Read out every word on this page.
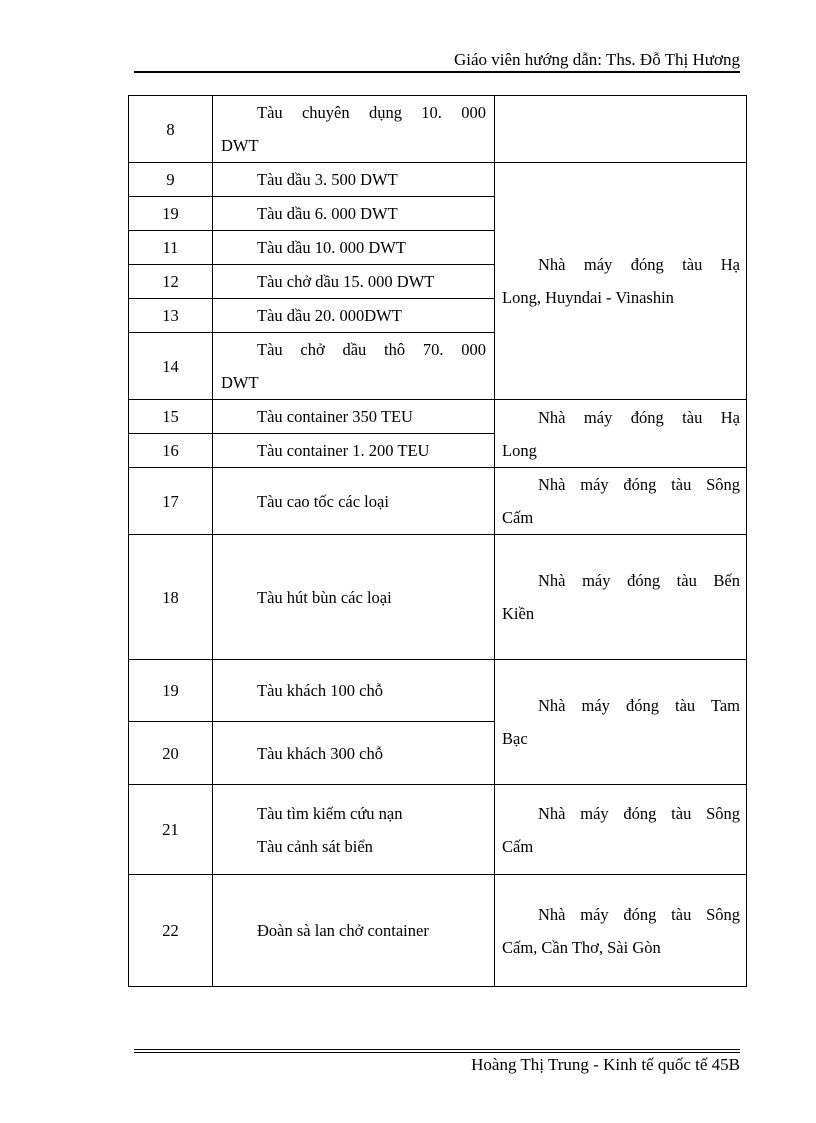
Giáo viên hướng dẫn: Ths. Đỗ Thị Hương
8	Tàu chuyên dụng 10. 000
DWT	

9	Tàu dầu 3. 500 DWT	Nhà máy đóng tàu Hạ
Long, Huyndai - Vinashin

19	Tàu dầu 6. 000 DWT	

11	Tàu dầu 10. 000 DWT	

12	Tàu chở dầu 15. 000 DWT	

13	Tàu dầu 20. 000DWT	

14	Tàu chở dầu thô 70. 000
DWT	

15	Tàu container 350 TEU	Nhà máy đóng tàu Hạ
Long

16	Tàu container 1. 200 TEU	

17	Tàu cao tốc các loại	Nhà máy đóng tàu Sông
Cấm

18	Tàu hút bùn các loại	Nhà máy đóng tàu Bến
Kiền

19	Tàu khách 100 chỗ	Nhà máy đóng tàu Tam
Bạc

20	Tàu khách 300 chỗ	

21	Tàu tìm kiếm cứu nạn
Tàu cảnh sát biển	Nhà máy đóng tàu Sông
Cấm

22	Đoàn sà lan chở container	Nhà máy đóng tàu Sông
Cấm, Cần Thơ, Sài Gòn
Hoàng Thị Trung - Kinh tế quốc tế 45B
